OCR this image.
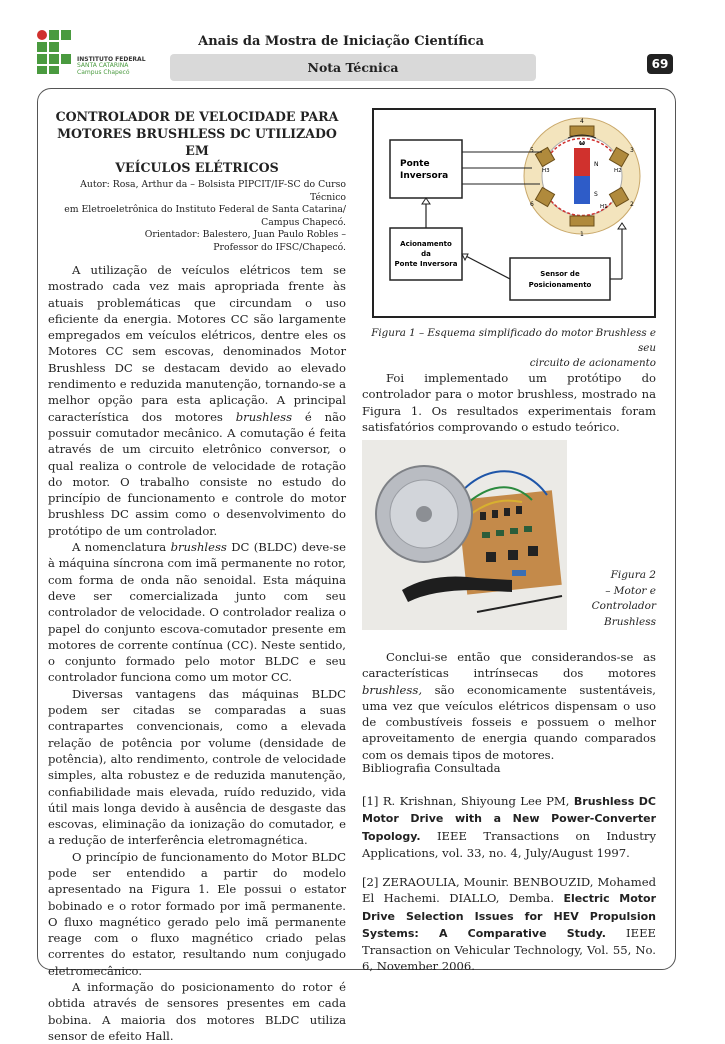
INSTITUTO FEDERAL
SANTA CATARINA
Campus Chapecó
Anais da Mostra de Iniciação Científica
Nota Técnica	69
CONTROLADOR DE VELOCIDADE PARA
MOTORES BRUSHLESS DC UTILIZADO EM
VEÍCULOS ELÉTRICOS
Autor: Rosa, Arthur da – Bolsista PIPCIT/IF-SC do Curso Técnico
em Eletroeletrônica do Instituto Federal de Santa Catarina/
Campus Chapecó.
Orientador: Balestero, Juan Paulo Robles –
Professor do IFSC/Chapecó.

A utilização de veículos elétricos tem se mostrado cada vez mais apropriada frente às atuais problemáticas que circundam o uso eficiente da energia. Motores CC são largamente empregados em veículos elétricos, dentre eles os Motores CC sem escovas, denominados Motor Brushless DC se destacam devido ao elevado rendimento e reduzida manutenção, tornando-se a melhor opção para esta aplicação. A principal característica dos motores brushless é não possuir comutador mecânico. A comutação é feita através de um circuito eletrônico conversor, o qual realiza o controle de velocidade de rotação do motor. O trabalho consiste no estudo do princípio de funcionamento e controle do motor brushless DC assim como o desenvolvimento do protótipo de um controlador.

A nomenclatura brushless DC (BLDC) deve-se à máquina síncrona com imã permanente no rotor, com forma de onda não senoidal. Esta máquina deve ser comercializada junto com seu controlador de velocidade. O controlador realiza o papel do conjunto escova-comutador presente em motores de corrente contínua (CC). Neste sentido, o conjunto formado pelo motor BLDC e seu controlador funciona como um motor CC.

Diversas vantagens das máquinas BLDC podem ser citadas se comparadas a suas contrapartes convencionais, como a elevada relação de potência por volume (densidade de potência), alto rendimento, controle de velocidade simples, alta robustez e de reduzida manutenção, confiabilidade mais elevada, ruído reduzido, vida útil mais longa devido à ausência de desgaste das escovas, eliminação da ionização do comutador, e a redução de interferência eletromagnética.

O princípio de funcionamento do Motor BLDC pode ser entendido a partir do modelo apresentado na Figura 1. Ele possui o estator bobinado e o rotor formado por imã permanente. O fluxo magnético gerado pelo imã permanente reage com o fluxo magnético criado pelas correntes do estator, resultando num conjugado eletromecânico.

A informação do posicionamento do rotor é obtida através de sensores presentes em cada bobina. A maioria dos motores BLDC utiliza sensor de efeito Hall.

ω
N
S
H3	H2
H1
4
3
2
1
6
5
Ponte
Inversora
Acionamento
da
Ponte Inversora
Sensor de
Posicionamento
Figura 1 – Esquema simplificado do motor Brushless e seu
circuito de acionamento

Foi implementado um protótipo do controlador para o motor brushless, mostrado na Figura 1. Os resultados experimentais foram satisfatórios comprovando o estudo teórico.

Figura 2
– Motor e
Controlador
Brushless

Conclui-se então que considerandos-se as características intrínsecas dos motores brushless, são economicamente sustentáveis, uma vez que veículos elétricos dispensam o uso de combustíveis fosseis e possuem o melhor aproveitamento de energia quando comparados com os demais tipos de motores.

Bibliografia Consultada
[1] R. Krishnan, Shiyoung Lee PM, Brushless DC Motor Drive with a New Power-Converter Topology. IEEE Transactions on Industry Applications, vol. 33, no. 4, July/August 1997.
[2] ZERAOULIA, Mounir. BENBOUZID, Mohamed El Hachemi. DIALLO, Demba. Electric Motor Drive Selection Issues for HEV Propulsion Systems: A Comparative Study. IEEE Transaction on Vehicular Technology, Vol. 55, No. 6, November 2006.
